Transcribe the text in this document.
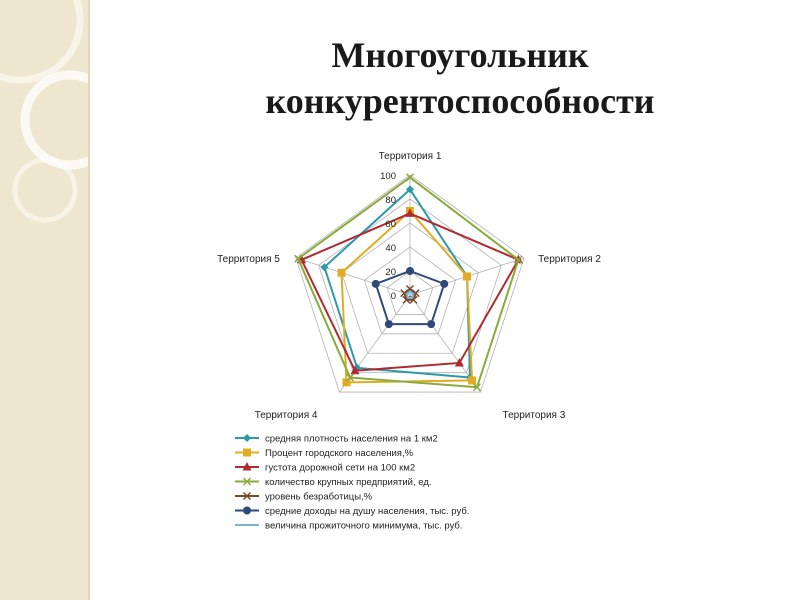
Многоугольник конкурентоспособности
0
20
40
60
80
100
Территория 1
Территория 2
Территория 3
Территория 4
Территория 5
средняя плотность населения на 1 км2
Процент городского населения,%
густота дорожной сети на 100 км2
количество крупных предприятий, ед.
уровень безработицы,%
средние доходы на душу населения, тыс. руб.
величина прожиточного минимума, тыс. руб.
